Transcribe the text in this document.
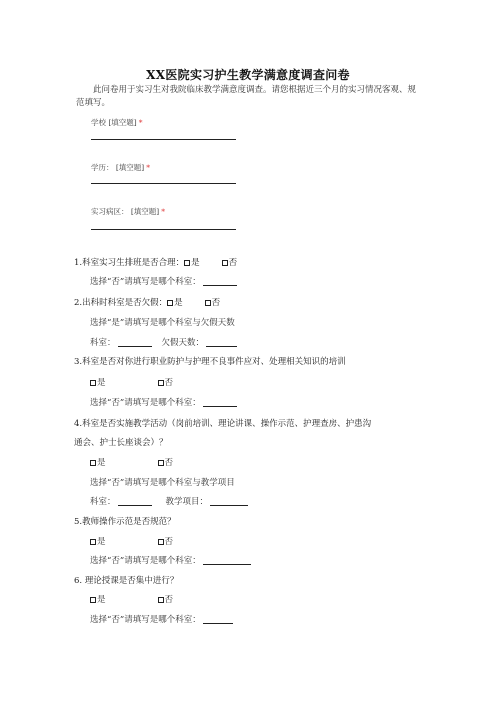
XX医院实习护生教学满意度调查问卷
此问卷用于实习生对我院临床教学满意度调查。请您根据近三个月的实习情况客观、规范填写。
学校 [填空题] *
学历： [填空题] *
实习病区： [填空题] *
1.科室实习生排班是否合理： 是	否
选择“否”请填写是哪个科室：
2.出科时科室是否欠假： 是	否
选择“是”请填写是哪个科室与欠假天数
科室：	欠假天数：
3.科室是否对你进行职业防护与护理不良事件应对、处理相关知识的培训
是	否
选择“否”请填写是哪个科室：
4.科室是否实施教学活动（岗前培训、理论讲课、操作示范、护理查房、护患沟
通会、护士长座谈会）？
是	否
选择“否”请填写是哪个科室与教学项目
科室：	教学项目：
5.教师操作示范是否规范？
是	否
选择“否”请填写是哪个科室：
6. 理论授课是否集中进行？
是	否
选择“否”请填写是哪个科室：
